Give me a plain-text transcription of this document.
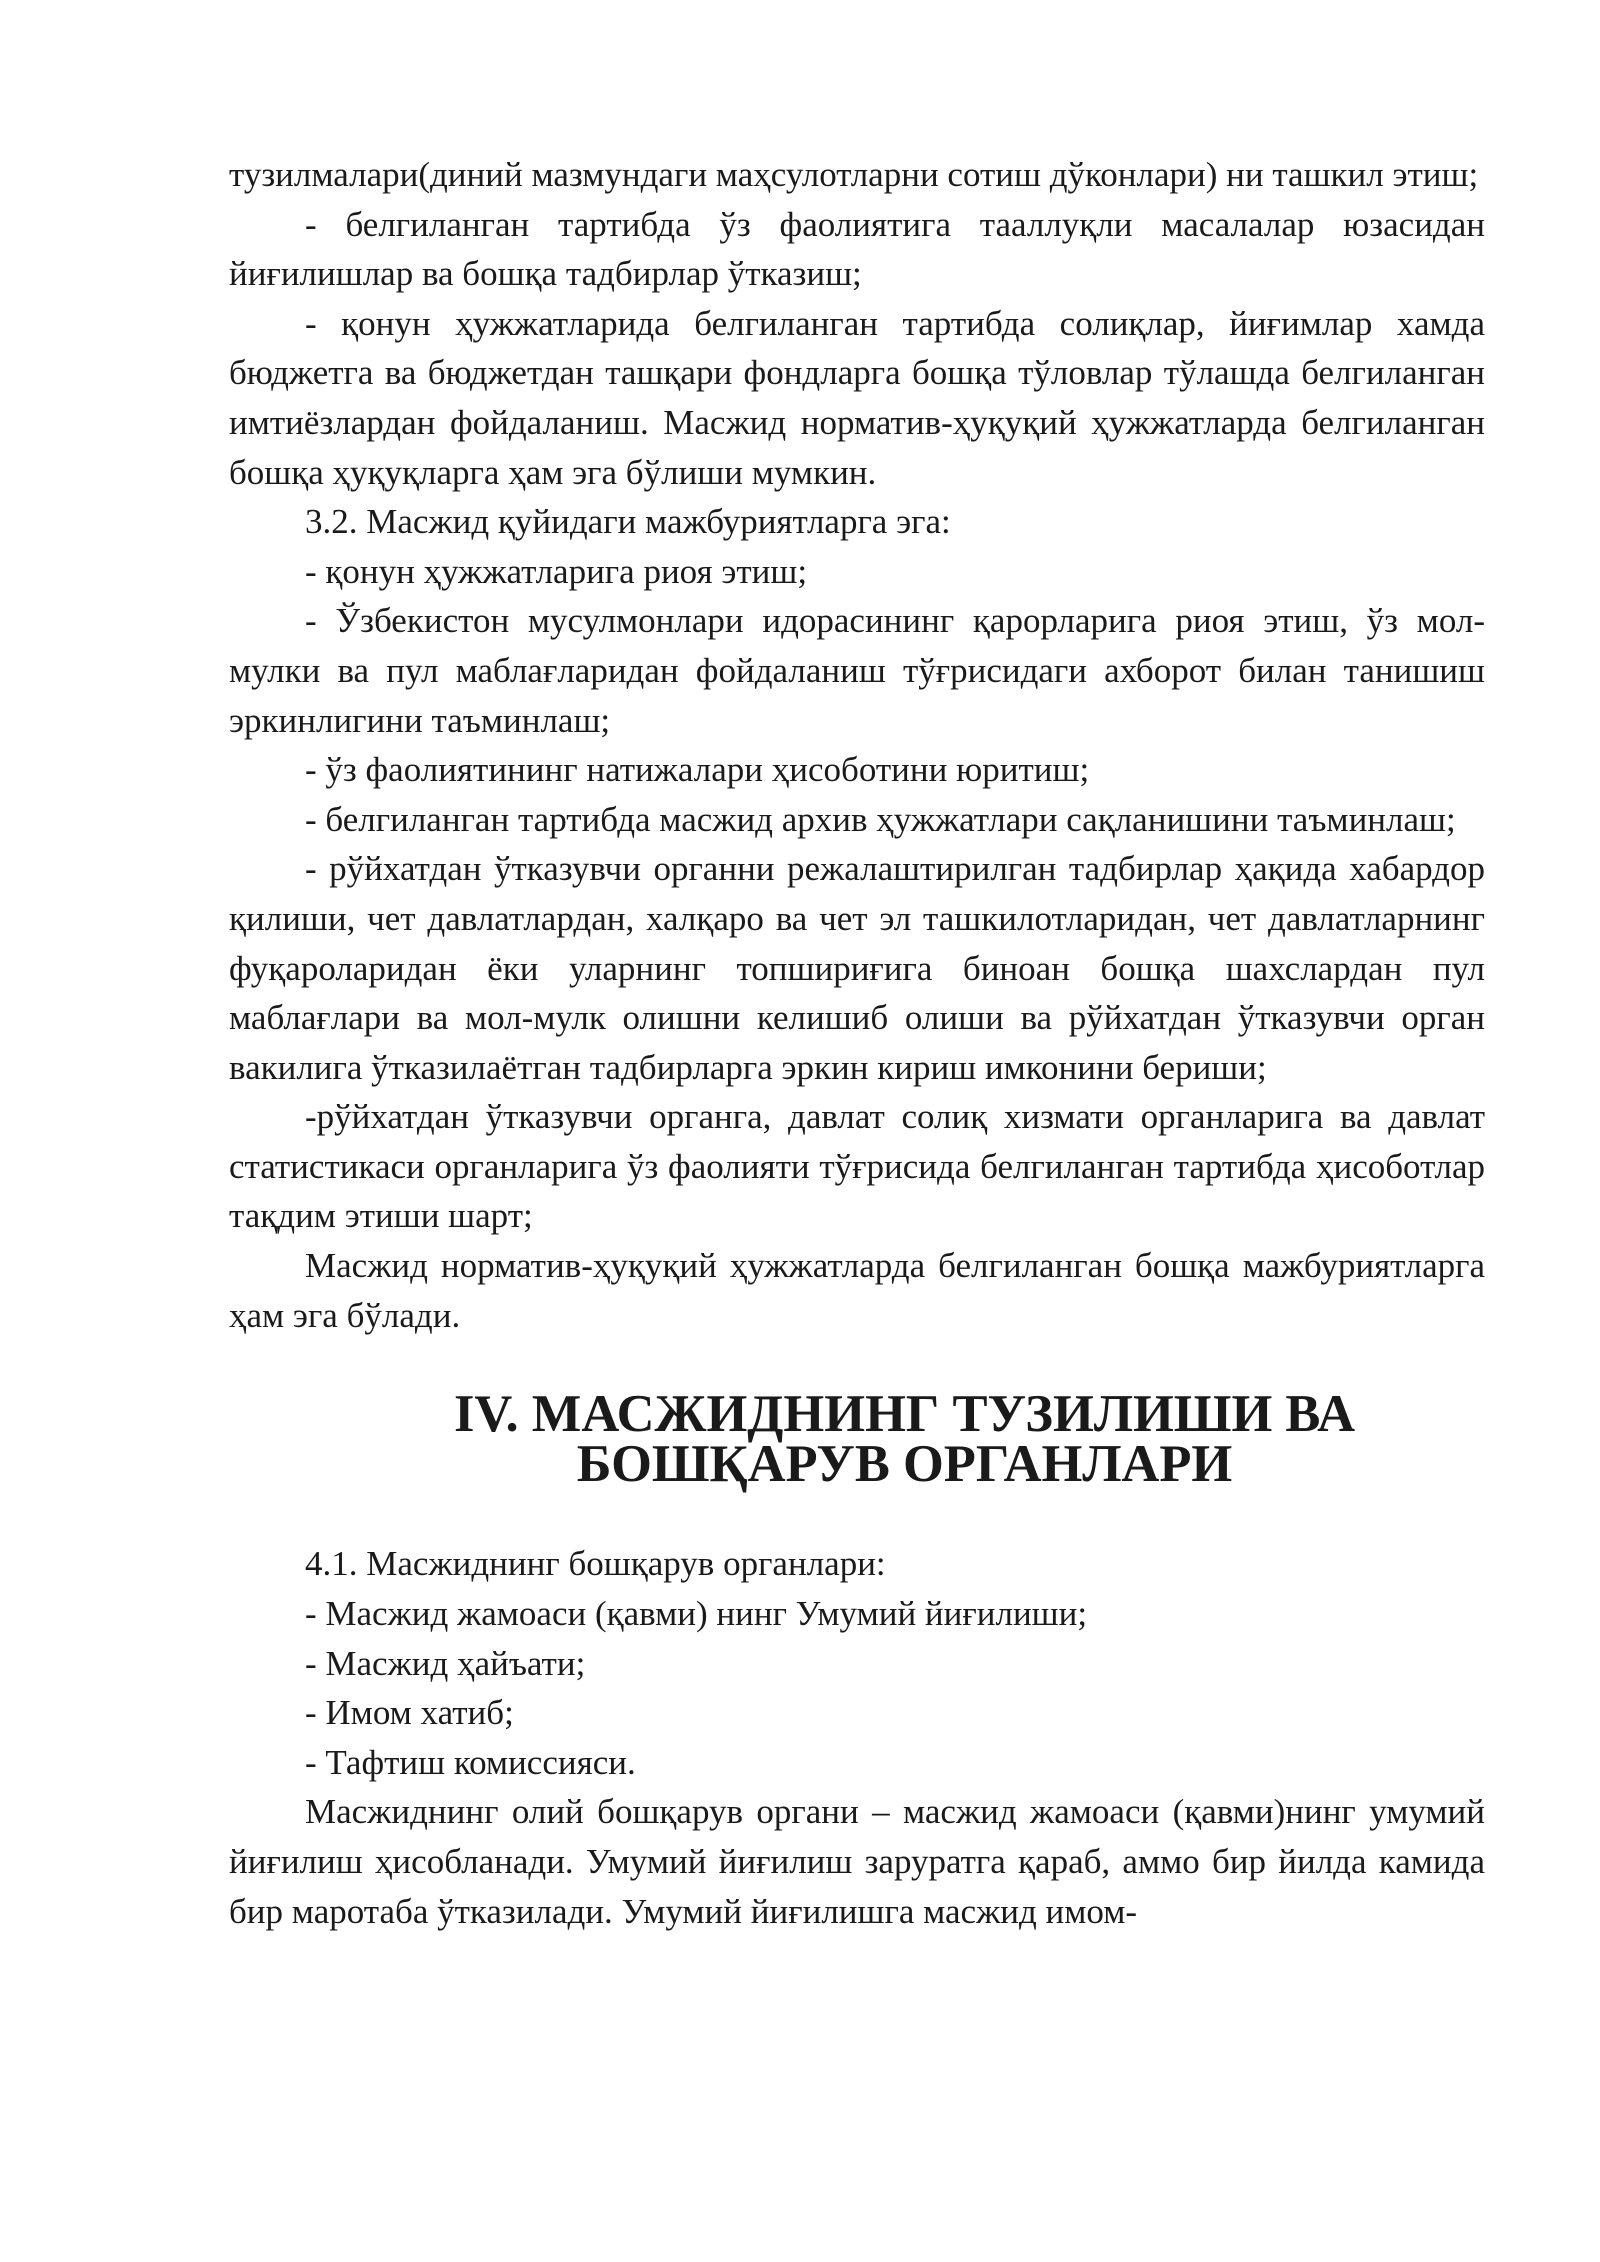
тузилмалари(диний мазмундаги маҳсулотларни сотиш дўконлари) ни ташкил этиш;

- белгиланган тартибда ўз фаолиятига тааллуқли масалалар юзасидан йиғилишлар ва бошқа тадбирлар ўтказиш;

- қонун ҳужжатларида белгиланган тартибда солиқлар, йиғимлар хамда бюджетга ва бюджетдан ташқари фондларга бошқа тўловлар тўлашда белгиланган имтиёзлардан фойдаланиш. Масжид норматив-ҳуқуқий ҳужжатларда белгиланган бошқа ҳуқуқларга ҳам эга бўлиши мумкин.

3.2. Масжид қуйидаги мажбуриятларга эга:

- қонун ҳужжатларига риоя этиш;

- Ўзбекистон мусулмонлари идорасининг қарорларига риоя этиш, ўз мол-мулки ва пул маблағларидан фойдаланиш тўғрисидаги ахборот билан танишиш эркинлигини таъминлаш;

- ўз фаолиятининг натижалари ҳисоботини юритиш;

- белгиланган тартибда масжид архив ҳужжатлари сақланишини таъминлаш;

- рўйхатдан ўтказувчи органни режалаштирилган тадбирлар ҳақида хабардор қилиши, чет давлатлардан, халқаро ва чет эл ташкилотларидан, чет давлатларнинг фуқароларидан ёки уларнинг топшириғига биноан бошқа шахслардан пул маблағлари ва мол-мулк олишни келишиб олиши ва рўйхатдан ўтказувчи орган вакилига ўтказилаётган тадбирларга эркин кириш имконини бериши;

-рўйхатдан ўтказувчи органга, давлат солиқ хизмати органларига ва давлат статистикаси органларига ўз фаолияти тўғрисида белгиланган тартибда ҳисоботлар тақдим этиши шарт;

Масжид норматив-ҳуқуқий ҳужжатларда белгиланган бошқа мажбуриятларга ҳам эга бўлади.

IV. МАСЖИДНИНГ ТУЗИЛИШИ ВА БОШҚАРУВ ОРГАНЛАРИ

4.1. Масжиднинг бошқарув органлари:

- Масжид жамоаси (қавми) нинг Умумий йиғилиши;

- Масжид ҳайъати;

- Имом хатиб;

- Тафтиш комиссияси.

Масжиднинг олий бошқарув органи – масжид жамоаси (қавми)нинг умумий йиғилиш ҳисобланади. Умумий йиғилиш заруратга қараб, аммо бир йилда камида бир маротаба ўтказилади. Умумий йиғилишга масжид имом-
